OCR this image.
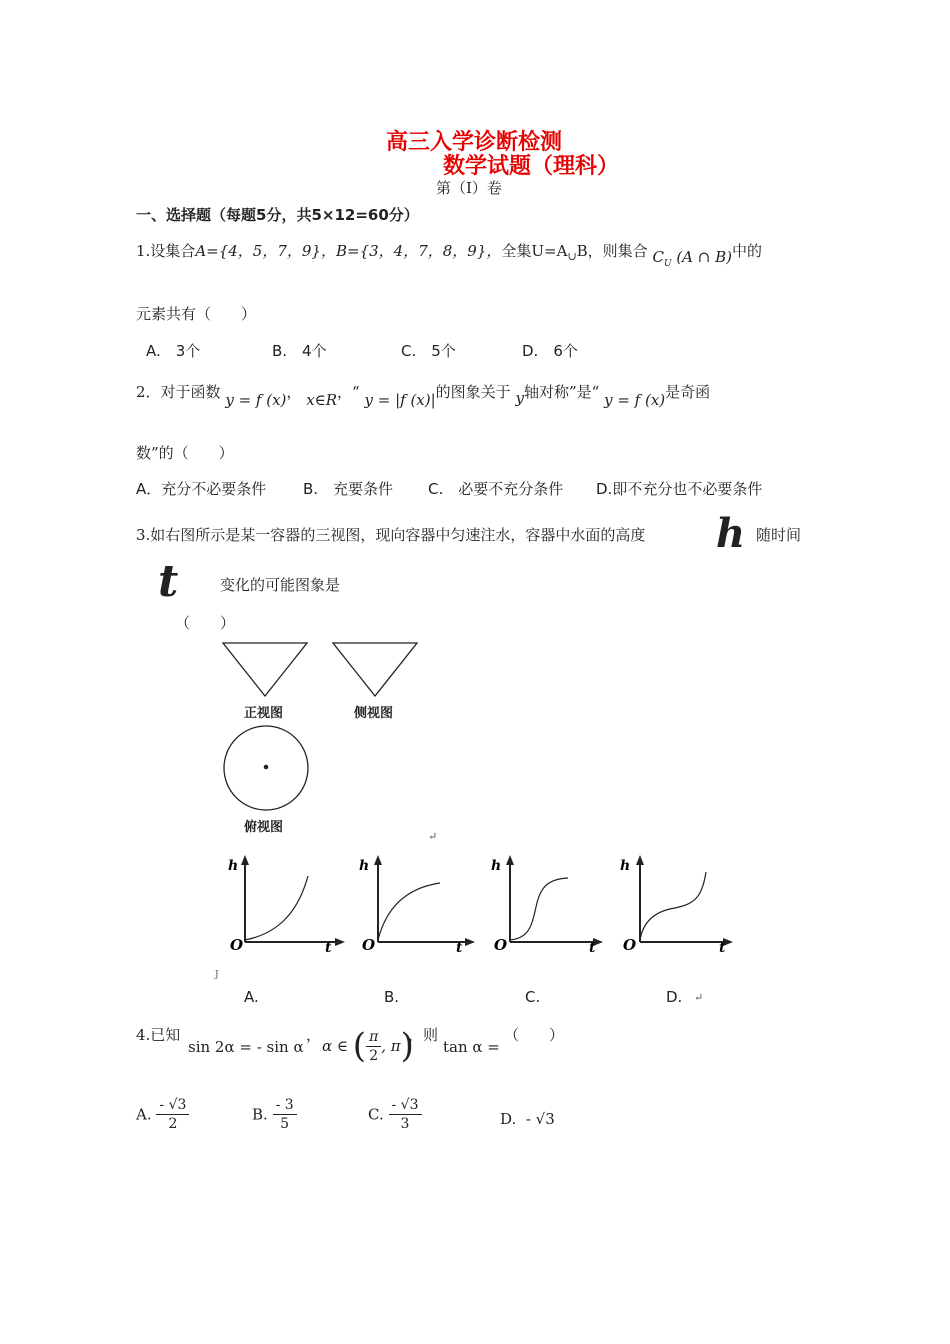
高三入学诊断检测
数学试题（理科）
第（Ⅰ）卷
一、选择题（每题5分，共5×12=60分）
1.设集合A={4，5，7，9}，B={3，4，7，8，9}，全集$U=A_\cup B$，则集合 $C_U$ (A ∩ B)中的
元素共有（　　）
A.　3个	B.　4个	C.　5个	D.　6个
2．对于函数 y = f (x)， x∈R，“ y = |f (x)|的图象关于 y轴对称”是“ y = f (x)是奇函
数”的（　　）
A．充分不必要条件 B.　充要条件 C.　必要不充分条件 D.即不充分也不必要条件
3.如右图所示是某一容器的三视图，现向容器中匀速注水，容器中水面的高度 h 随时间
t	变化的可能图象是
（　　）
正视图	侧视图
俯视图
↵
h
O	t
h
O	t
h
O	t
h
O	t
J
A.	B.	C.	D. ↵
4.已知
sin 2α = - sin α
，
α ∈ ( $\frac{\pi}{2}$ , π)
，则
tan α =
（　　）
A. $\frac{- √3}{2}$	B. $\frac{- 3}{5}$	C. $\frac{- √3}{3}$	D. - √3
